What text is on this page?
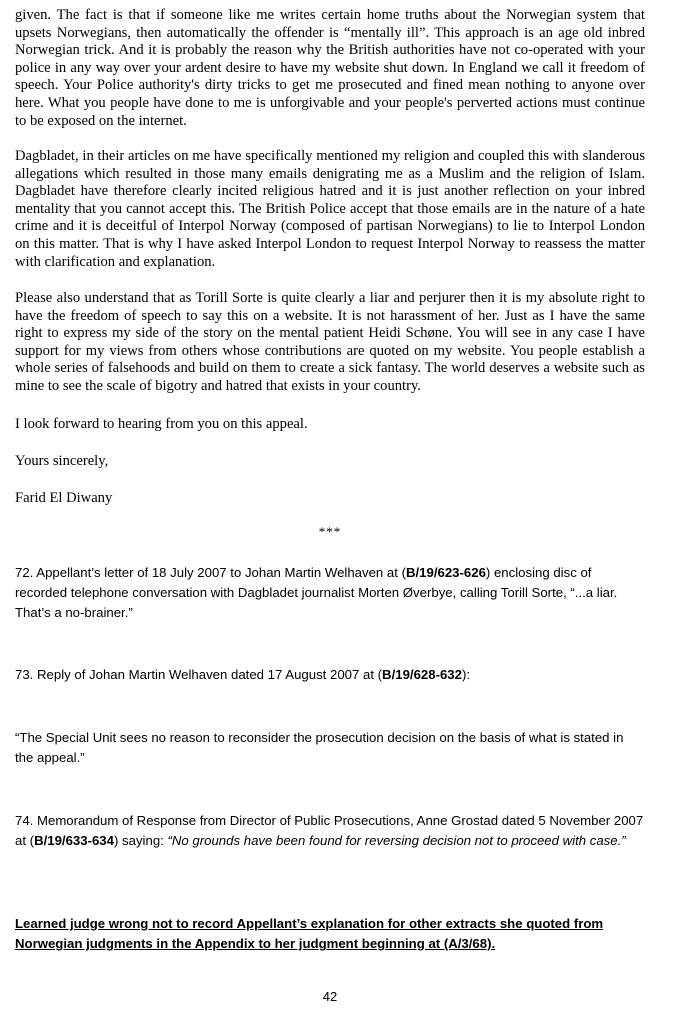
given. The fact is that if someone like me writes certain home truths about the Norwegian system that upsets Norwegians, then automatically the offender is “mentally ill”. This approach is an age old inbred Norwegian trick. And it is probably the reason why the British authorities have not co-operated with your police in any way over your ardent desire to have my website shut down. In England we call it freedom of speech. Your Police authority's dirty tricks to get me prosecuted and fined mean nothing to anyone over here. What you people have done to me is unforgivable and your people's perverted actions must continue to be exposed on the internet.

Dagbladet, in their articles on me have specifically mentioned my religion and coupled this with slanderous allegations which resulted in those many emails denigrating me as a Muslim and the religion of Islam. Dagbladet have therefore clearly incited religious hatred and it is just another reflection on your inbred mentality that you cannot accept this. The British Police accept that those emails are in the nature of a hate crime and it is deceitful of Interpol Norway (composed of partisan Norwegians) to lie to Interpol London on this matter. That is why I have asked Interpol London to request Interpol Norway to reassess the matter with clarification and explanation.

Please also understand that as Torill Sorte is quite clearly a liar and perjurer then it is my absolute right to have the freedom of speech to say this on a website. It is not harassment of her. Just as I have the same right to express my side of the story on the mental patient Heidi Schøne. You will see in any case I have support for my views from others whose contributions are quoted on my website. You people establish a whole series of falsehoods and build on them to create a sick fantasy. The world deserves a website such as mine to see the scale of bigotry and hatred that exists in your country.

I look forward to hearing from you on this appeal.

Yours sincerely,

Farid El Diwany

***

72. Appellant’s letter of 18 July 2007 to Johan Martin Welhaven at (B/19/623-626) enclosing disc of recorded telephone conversation with Dagbladet journalist Morten Øverbye, calling Torill Sorte, “...a liar. That’s a no-brainer.”

73. Reply of Johan Martin Welhaven dated 17 August 2007 at (B/19/628-632):

“The Special Unit sees no reason to reconsider the prosecution decision on the basis of what is stated in the appeal.”

74. Memorandum of Response from Director of Public Prosecutions, Anne Grostad dated 5 November 2007 at (B/19/633-634) saying: “No grounds have been found for reversing decision not to proceed with case.”

Learned judge wrong not to record Appellant’s explanation for other extracts she quoted from Norwegian judgments in the Appendix to her judgment beginning at (A/3/68).

42
